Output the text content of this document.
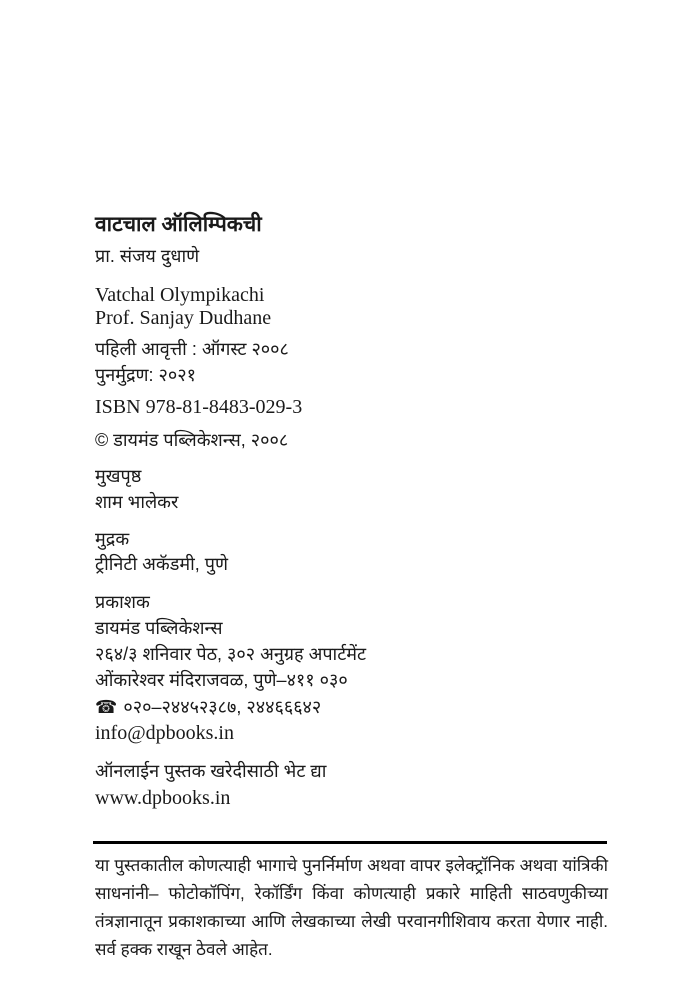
वाटचाल ऑलिम्पिकची
प्रा. संजय दुधाणे
Vatchal Olympikachi
Prof. Sanjay Dudhane
पहिली आवृत्ती : ऑगस्ट २००८
पुनर्मुद्रण: २०२१
ISBN 978-81-8483-029-3
© डायमंड पब्लिकेशन्स, २००८
मुखपृष्ठ
शाम भालेकर
मुद्रक
ट्रीनिटी अकॅडमी, पुणे
प्रकाशक
डायमंड पब्लिकेशन्स
२६४/३ शनिवार पेठ, ३०२ अनुग्रह अपार्टमेंट
ओंकारेश्वर मंदिराजवळ, पुणे–४११ ०३०
☎ ०२०–२४४५२३८७, २४४६६६४२
info@dpbooks.in
ऑनलाईन पुस्तक खरेदीसाठी भेट द्या
www.dpbooks.in
या पुस्तकातील कोणत्याही भागाचे पुनर्निर्माण अथवा वापर इलेक्ट्रॉनिक अथवा यांत्रिकी साधनांनी– फोटोकॉपिंग, रेकॉर्डिंग किंवा कोणत्याही प्रकारे माहिती साठवणुकीच्या तंत्रज्ञानातून प्रकाशकाच्या आणि लेखकाच्या लेखी परवानगीशिवाय करता येणार नाही. सर्व हक्क राखून ठेवले आहेत.
